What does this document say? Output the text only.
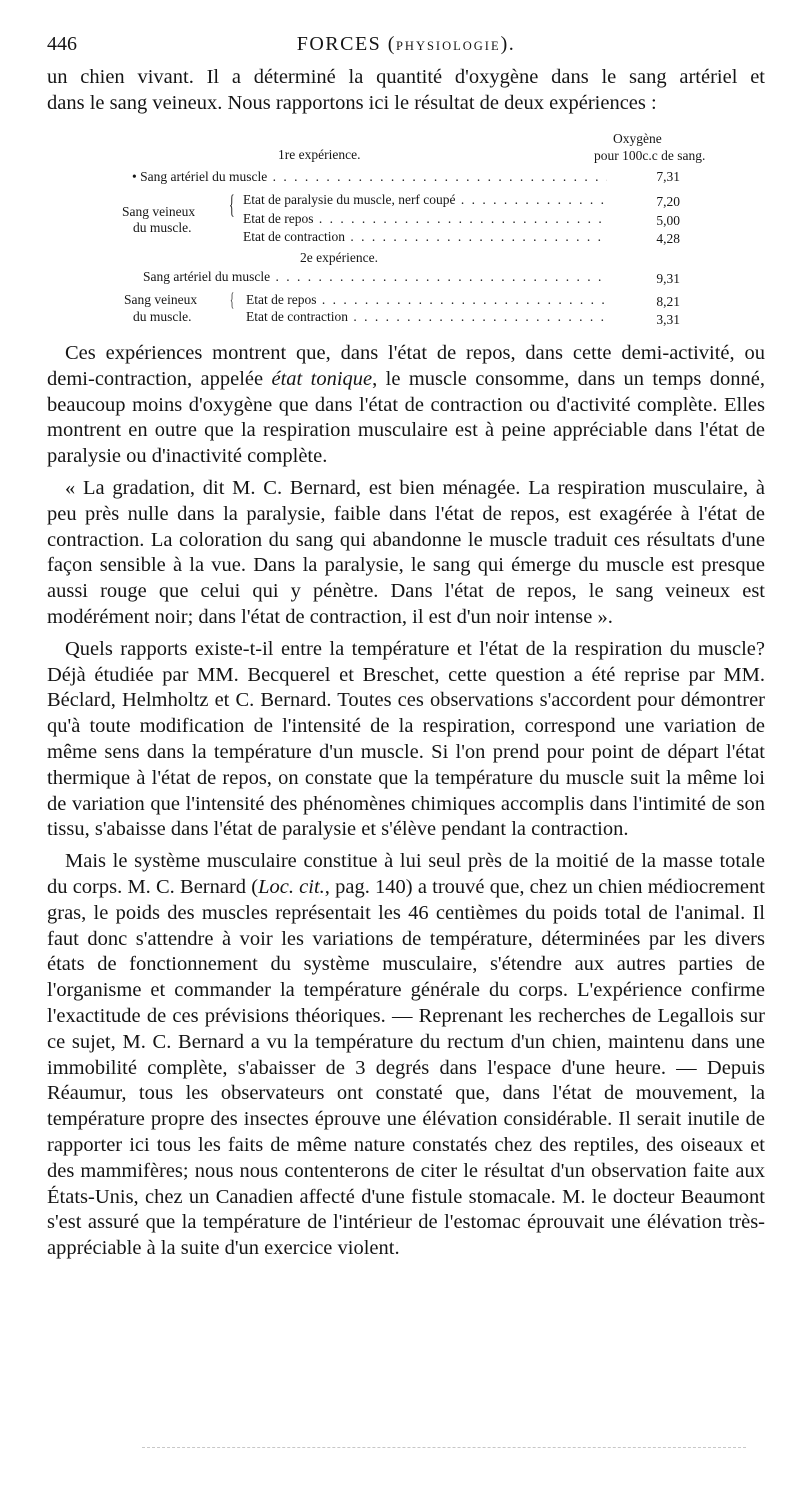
446	FORCES (PHYSIOLOGIE).

un chien vivant. Il a déterminé la quantité d'oxygène dans le sang artériel et

dans le sang veineux. Nous rapportons ici le résultat de deux expériences :

Oxygène
pour 100c.c de sang.
1re expérience.
• Sang artériel du muscle . . .	7,31
Sang veineux
du muscle.
{ Etat de paralysie du muscle, nerf coupé . . .	7,20
Etat de repos . . .	5,00
Etat de contraction . . .	4,28
2e expérience.
Sang artériel du muscle . . .	9,31
Sang veineux
du muscle.
{ Etat de repos . . .	8,21
Etat de contraction . . .	3,31

Ces expériences montrent que, dans l'état de repos, dans cette demi-activité, ou demi-contraction, appelée état tonique, le muscle consomme, dans un temps donné, beaucoup moins d'oxygène que dans l'état de contraction ou d'activité complète. Elles montrent en outre que la respiration musculaire est à peine appréciable dans l'état de paralysie ou d'inactivité complète.

« La gradation, dit M. C. Bernard, est bien ménagée. La respiration musculaire, à peu près nulle dans la paralysie, faible dans l'état de repos, est exagérée à l'état de contraction. La coloration du sang qui abandonne le muscle traduit ces résultats d'une façon sensible à la vue. Dans la paralysie, le sang qui émerge du muscle est presque aussi rouge que celui qui y pénètre. Dans l'état de repos, le sang veineux est modérément noir; dans l'état de contraction, il est d'un noir intense ».

Quels rapports existe-t-il entre la température et l'état de la respiration du muscle? Déjà étudiée par MM. Becquerel et Breschet, cette question a été reprise par MM. Béclard, Helmholtz et C. Bernard. Toutes ces observations s'accordent pour démontrer qu'à toute modification de l'intensité de la respiration, correspond une variation de même sens dans la température d'un muscle. Si l'on prend pour point de départ l'état thermique à l'état de repos, on constate que la température du muscle suit la même loi de variation que l'intensité des phénomènes chimiques accomplis dans l'intimité de son tissu, s'abaisse dans l'état de paralysie et s'élève pendant la contraction.

Mais le système musculaire constitue à lui seul près de la moitié de la masse totale du corps. M. C. Bernard (Loc. cit., pag. 140) a trouvé que, chez un chien médiocrement gras, le poids des muscles représentait les 46 centièmes du poids total de l'animal. Il faut donc s'attendre à voir les variations de température, déterminées par les divers états de fonctionnement du système musculaire, s'étendre aux autres parties de l'organisme et commander la température générale du corps. L'expérience confirme l'exactitude de ces prévisions théoriques. — Reprenant les recherches de Legallois sur ce sujet, M. C. Bernard a vu la température du rectum d'un chien, maintenu dans une immobilité complète, s'abaisser de 3 degrés dans l'espace d'une heure. — Depuis Réaumur, tous les observateurs ont constaté que, dans l'état de mouvement, la température propre des insectes éprouve une élévation considérable. Il serait inutile de rapporter ici tous les faits de même nature constatés chez des reptiles, des oiseaux et des mammifères; nous nous contenterons de citer le résultat d'un observation faite aux États-Unis, chez un Canadien affecté d'une fistule stomacale. M. le docteur Beaumont s'est assuré que la température de l'intérieur de l'estomac éprouvait une élévation très-appréciable à la suite d'un exercice violent.
